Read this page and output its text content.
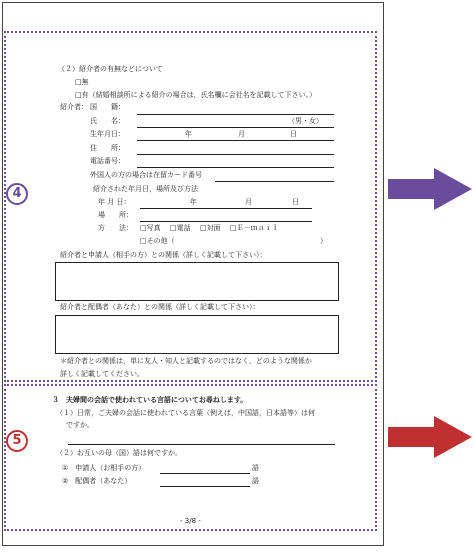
4
5
（２）紹介者の有無などについて
□無
□有（結婚相談所による紹介の場合は，氏名欄に会社名を記載して下さい。）
紹介者： 国　　籍：
氏　　名：	（男・女）
生年月日：	年	月	日
住　　所：
電話番号：
外国人の方の場合は在留カード番号
紹介された年月日，場所及び方法
年 月 日：	年	月	日
場　　所：
方　　法： □写真 □電話 □対面 □Ｅ－ｍａｉｌ
□その他（	）
紹介者と申請人（相手の方）との関係（詳しく記載して下さい）：
紹介者と配偶者（あなた）との関係（詳しく記載して下さい）：
＊紹介者との関係は，単に友人・知人と記載するのではなく，どのような関係か
詳しく記載してください。
３　夫婦間の会話で使われている言語についてお尋ねします。
（１）日常，ご夫婦の会話に使われている言葉（例えば，中国語，日本語等）は何
ですか。
（２）お互いの母（国）語は何ですか。
①　申請人（お相手の方）	語
②　配偶者（あなた）	語
- 3/8 -
